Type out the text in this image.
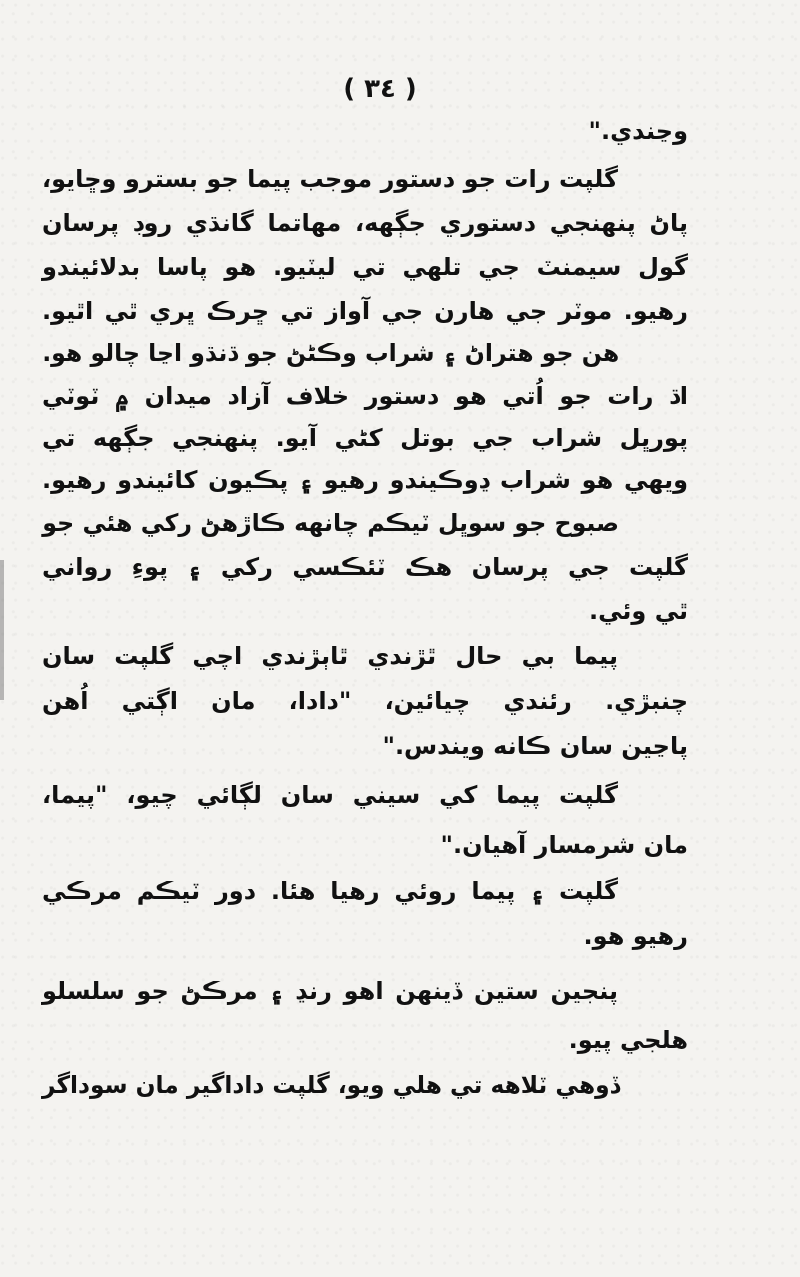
( ٣٤ )
وڃندي."
گلپت رات جو دستور موجب پيما جو بسترو وڇايو،
پاڻ پنهنجي دستوري جڳهه، مهاتما گانڌي روڊ پرسان
گول سيمنٽ جي تلهي تي ليٽيو. هو پاسا بدلائيندو
رهيو. موٽر جي هارن جي آواز تي ڇرڪ ڀري ٿي اٿيو.
هن جو هتراڻ ۽ شراب وڪڻڻ جو ڌنڌو اڃا چالو هو.
اڌ رات جو اُتي هو دستور خلاف آزاد ميدان ۾ ٽوٽي
پورڀل شراب جي بوتل کڻي آيو. پنهنجي جڳهه تي
ويهي هو شراب ڍوڪيندو رهيو ۽ پڪيون کائيندو رهيو.
صبوح جو سوڀل ٽيڪم چانهه ڪاڙهڻ رکي هئي جو
گلپت جي پرسان هڪ ٽئڪسي رکي ۽ پوءِ رواني
ٿي وئي.
پيما بي حال ٿڙندي ٿاٻڙندي اچي گلپت سان
چنبڙي. رئندي چيائين، "دادا، مان اڳتي اُهن
پاڃين سان ڪانه ويندس."
گلپت پيما کي سيني سان لڳائي چيو، "پيما،
مان شرمسار آهيان."
گلپت ۽ پيما روئي رهيا هئا. دور ٽيڪم مرڪي
رهيو هو.
پنجين ستين ڏينهن اهو رنڍ ۽ مرڪڻ جو سلسلو
هلجي پيو.
ڏوهي ٽلاهه تي هلي ويو، گلپت داداگير مان سوداگر
